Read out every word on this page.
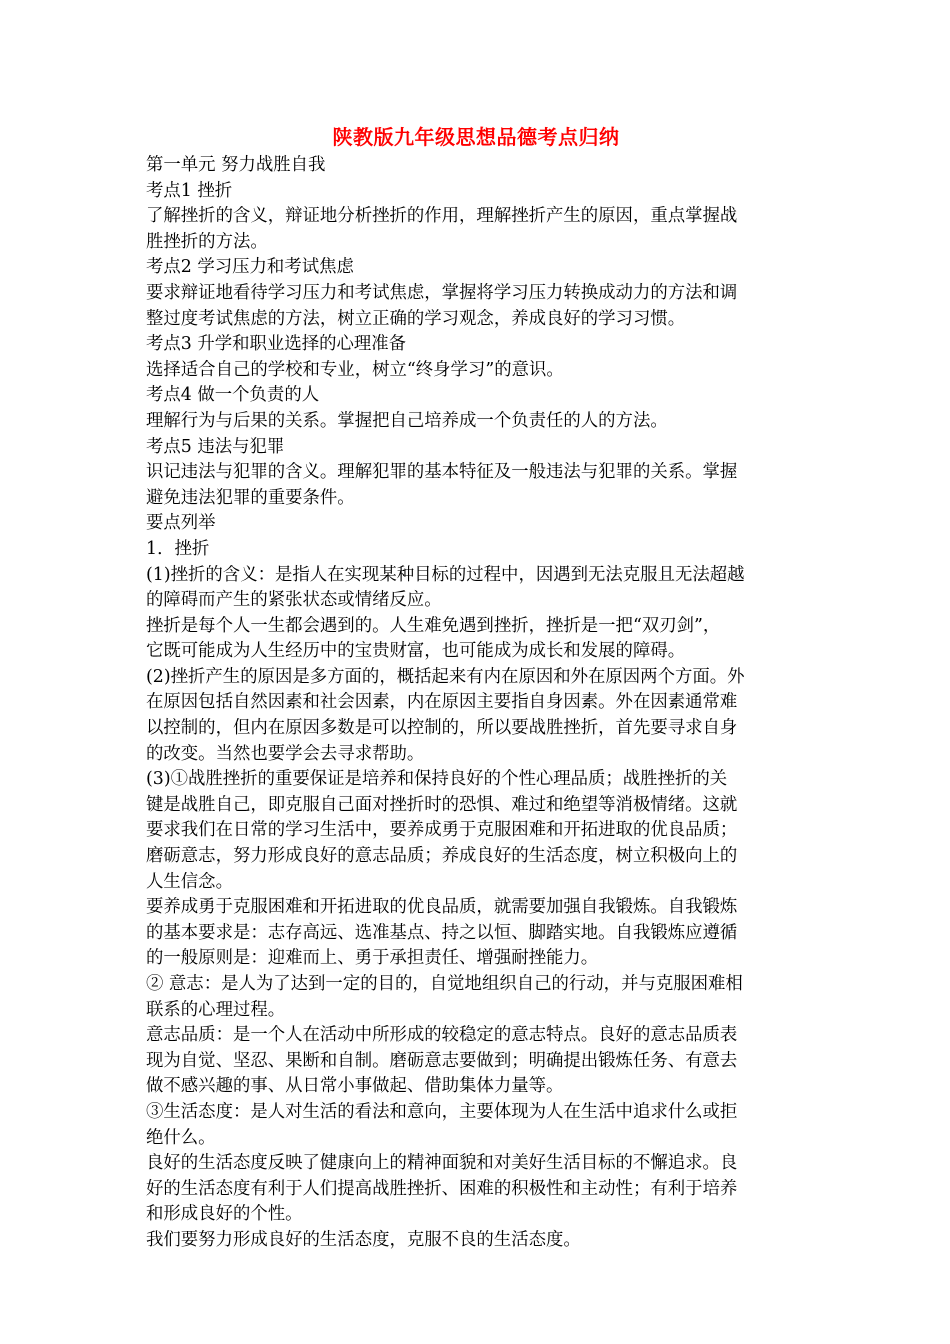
陕教版九年级思想品德考点归纳
第一单元 努力战胜自我
考点1 挫折
了解挫折的含义，辩证地分析挫折的作用，理解挫折产生的原因，重点掌握战
胜挫折的方法。
考点2 学习压力和考试焦虑
要求辩证地看待学习压力和考试焦虑，掌握将学习压力转换成动力的方法和调
整过度考试焦虑的方法，树立正确的学习观念，养成良好的学习习惯。
考点3 升学和职业选择的心理准备
选择适合自己的学校和专业，树立“终身学习”的意识。
考点4 做一个负责的人
理解行为与后果的关系。掌握把自己培养成一个负责任的人的方法。
考点5 违法与犯罪
识记违法与犯罪的含义。理解犯罪的基本特征及一般违法与犯罪的关系。掌握
避免违法犯罪的重要条件。
要点列举
1．挫折
(1)挫折的含义：是指人在实现某种目标的过程中，因遇到无法克服且无法超越
的障碍而产生的紧张状态或情绪反应。
挫折是每个人一生都会遇到的。人生难免遇到挫折，挫折是一把“双刃剑”，
它既可能成为人生经历中的宝贵财富，也可能成为成长和发展的障碍。
(2)挫折产生的原因是多方面的，概括起来有内在原因和外在原因两个方面。外
在原因包括自然因素和社会因素，内在原因主要指自身因素。外在因素通常难
以控制的，但内在原因多数是可以控制的，所以要战胜挫折，首先要寻求自身
的改变。当然也要学会去寻求帮助。
(3)①战胜挫折的重要保证是培养和保持良好的个性心理品质；战胜挫折的关
键是战胜自己，即克服自己面对挫折时的恐惧、难过和绝望等消极情绪。这就
要求我们在日常的学习生活中，要养成勇于克服困难和开拓进取的优良品质；
磨砺意志，努力形成良好的意志品质；养成良好的生活态度，树立积极向上的
人生信念。
要养成勇于克服困难和开拓进取的优良品质，就需要加强自我锻炼。自我锻炼
的基本要求是：志存高远、选准基点、持之以恒、脚踏实地。自我锻炼应遵循
的一般原则是：迎难而上、勇于承担责任、增强耐挫能力。
② 意志：是人为了达到一定的目的，自觉地组织自己的行动，并与克服困难相
联系的心理过程。
意志品质：是一个人在活动中所形成的较稳定的意志特点。良好的意志品质表
现为自觉、坚忍、果断和自制。磨砺意志要做到；明确提出锻炼任务、有意去
做不感兴趣的事、从日常小事做起、借助集体力量等。
③生活态度：是人对生活的看法和意向，主要体现为人在生活中追求什么或拒
绝什么。
良好的生活态度反映了健康向上的精神面貌和对美好生活目标的不懈追求。良
好的生活态度有利于人们提高战胜挫折、困难的积极性和主动性；有利于培养
和形成良好的个性。
我们要努力形成良好的生活态度，克服不良的生活态度。
